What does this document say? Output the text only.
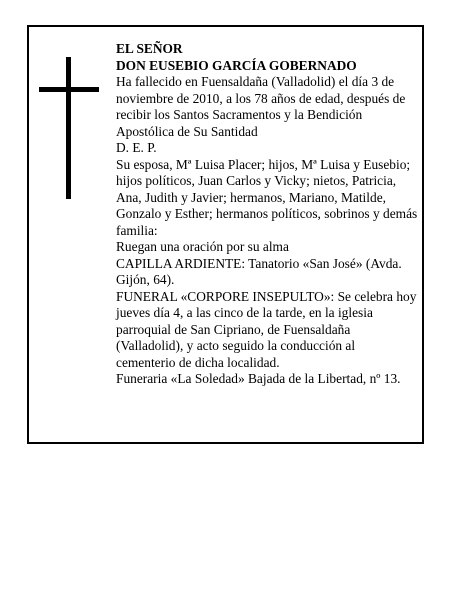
EL SEÑOR
DON EUSEBIO GARCÍA GOBERNADO
Ha fallecido en Fuensaldaña (Valladolid) el día 3 de
noviembre de 2010, a los 78 años de edad, después de
recibir los Santos Sacramentos y la Bendición
Apostólica de Su Santidad
D. E. P.
Su esposa, Mª Luisa Placer; hijos, Mª Luisa y Eusebio;
hijos políticos, Juan Carlos y Vicky; nietos, Patricia,
Ana, Judith y Javier; hermanos, Mariano, Matilde,
Gonzalo y Esther; hermanos políticos, sobrinos y demás
familia:
Ruegan una oración por su alma
CAPILLA ARDIENTE: Tanatorio «San José» (Avda.
Gijón, 64).
FUNERAL «CORPORE INSEPULTO»: Se celebra hoy
jueves día 4, a las cinco de la tarde, en la iglesia
parroquial de San Cipriano, de Fuensaldaña
(Valladolid), y acto seguido la conducción al
cementerio de dicha localidad.
Funeraria «La Soledad» Bajada de la Libertad, nº 13.
